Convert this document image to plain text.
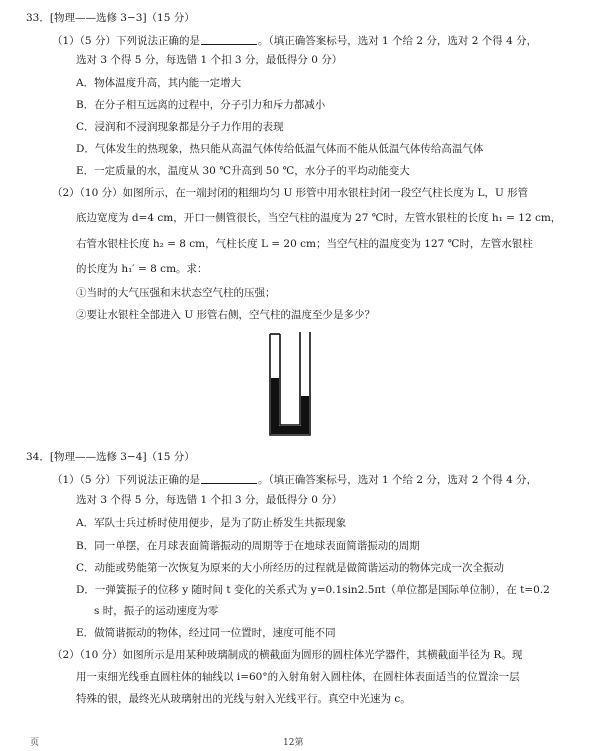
33．[物理——选修 3−3]（15 分）
（1）（5 分）下列说法正确的是	。（填正确答案标号，选对 1 个给 2 分，选对 2 个得 4 分，
选对 3 个得 5 分，每选错 1 个扣 3 分，最低得分 0 分）
A．物体温度升高，其内能一定增大
B．在分子相互远离的过程中，分子引力和斥力都减小
C．浸润和不浸润现象都是分子力作用的表现
D．气体发生的热现象，热只能从高温气体传给低温气体而不能从低温气体传给高温气体
E．一定质量的水，温度从 30 ℃升高到 50 ℃，水分子的平均动能变大
（2）（10 分）如图所示，在一端封闭的粗细均匀 U 形管中用水银柱封闭一段空气柱长度为 L，U 形管
底边宽度为 d=4 cm，开口一侧管很长，当空气柱的温度为 27 ℃时，左管水银柱的长度 h₁ = 12 cm，
右管水银柱长度 h₂ = 8 cm，气柱长度 L = 20 cm；当空气柱的温度变为 127 ℃时，左管水银柱
的长度为 h₁′ = 8 cm。求：
①当时的大气压强和末状态空气柱的压强；
②要让水银柱全部进入 U 形管右侧，空气柱的温度至少是多少？
34．[物理——选修 3−4]（15 分）
（1）（5 分）下列说法正确的是	。（填正确答案标号，选对 1 个给 2 分，选对 2 个得 4 分，
选对 3 个得 5 分，每选错 1 个扣 3 分，最低得分 0 分）
A．军队士兵过桥时使用便步，是为了防止桥发生共振现象
B．同一单摆，在月球表面简谐振动的周期等于在地球表面简谐振动的周期
C．动能或势能第一次恢复为原来的大小所经历的过程就是做简谐运动的物体完成一次全振动
D．一弹簧振子的位移 y 随时间 t 变化的关系式为 y=0.1sin2.5πt（单位都是国际单位制），在 t=0.2
s 时，振子的运动速度为零
E．做简谐振动的物体，经过同一位置时，速度可能不同
（2）（10 分）如图所示是用某种玻璃制成的横截面为圆形的圆柱体光学器件，其横截面半径为 R。现
用一束细光线垂直圆柱体的轴线以 i=60°的入射角射入圆柱体，在圆柱体表面适当的位置涂一层
特殊的银，最终光从玻璃射出的光线与射入光线平行。真空中光速为 c。
页	12第
